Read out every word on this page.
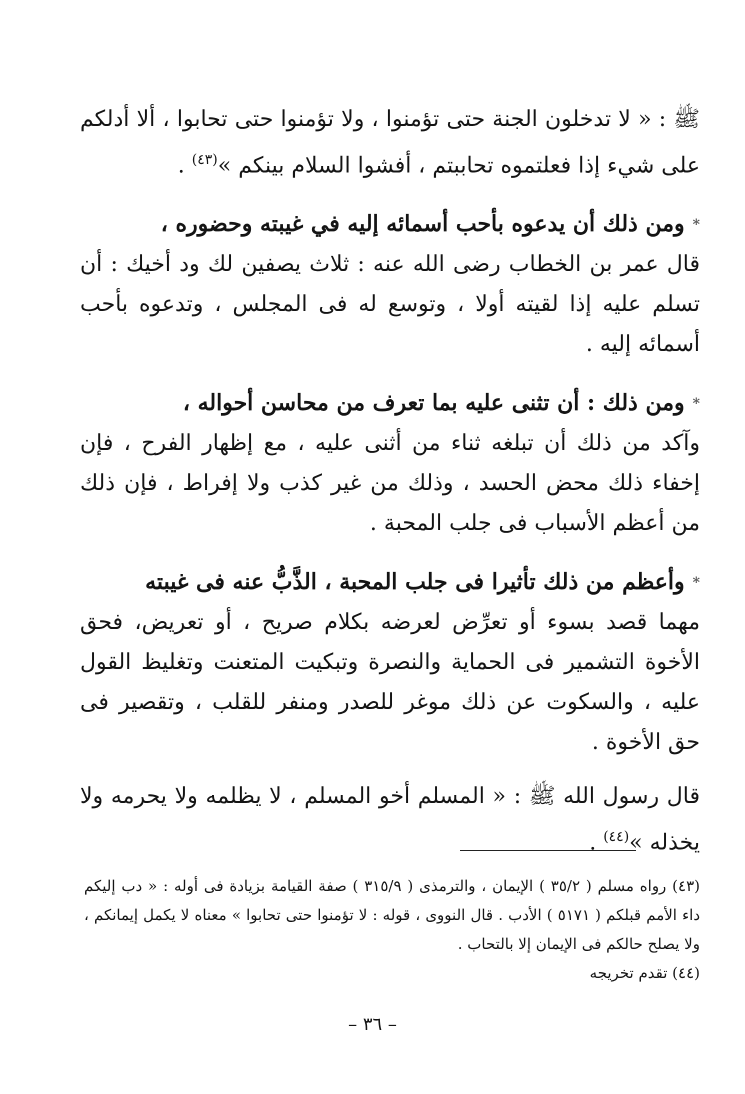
ﷺ : « لا تدخلون الجنة حتى تؤمنوا ، ولا تؤمنوا حتى تحابوا ، ألا أدلكم على شيء إذا فعلتموه تحاببتم ، أفشوا السلام بينكم »$^{(٤٣)}$ .

*ومن ذلك أن يدعوه بأحب أسمائه إليه في غيبته وحضوره ،

قال عمر بن الخطاب رضى الله عنه : ثلاث يصفين لك ود أخيك : أن تسلم عليه إذا لقيته أولا ، وتوسع له فى المجلس ، وتدعوه بأحب أسمائه إليه .

*ومن ذلك : أن تثنى عليه بما تعرف من محاسن أحواله ،

وآكد من ذلك أن تبلغه ثناء من أثنى عليه ، مع إظهار الفرح ، فإن إخفاء ذلك محض الحسد ، وذلك من غير كذب ولا إفراط ، فإن ذلك من أعظم الأسباب فى جلب المحبة .

*وأعظم من ذلك تأثيرا فى جلب المحبة ، الذَّبُّ عنه فى غيبته

مهما قصد بسوء أو تعرِّض لعرضه بكلام صريح ، أو تعريض، فحق الأخوة التشمير فى الحماية والنصرة وتبكيت المتعنت وتغليظ القول عليه ، والسكوت عن ذلك موغر للصدر ومنفر للقلب ، وتقصير فى حق الأخوة .

قال رسول الله ﷺ : « المسلم أخو المسلم ، لا يظلمه ولا يحرمه ولا يخذله »$^{(٤٤)}$ .

(٤٣) رواه مسلم ( ٣٥/٢ ) الإيمان ، والترمذى ( ٣١٥/٩ ) صفة القيامة بزيادة فى أوله : « دب إليكم داء الأمم قبلكم ( ٥١٧١ ) الأدب . قال النووى ، قوله : لا تؤمنوا حتى تحابوا » معناه لا يكمل إيمانكم ، ولا يصلح حالكم فى الإيمان إلا بالتحاب .

(٤٤) تقدم تخريجه

– ٣٦ –
